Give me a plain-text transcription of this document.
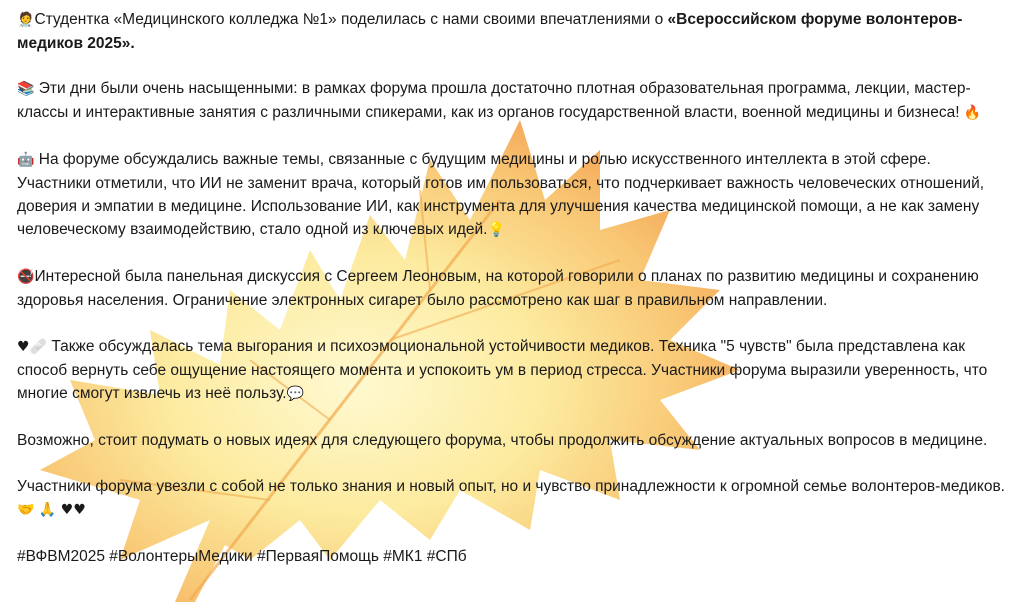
🧑‍⚕️Студентка «Медицинского колледжа №1» поделилась с нами своими впечатлениями о «Всероссийском форуме волонтеров-медиков 2025».

📚 Эти дни были очень насыщенными: в рамках форума прошла достаточно плотная образовательная программа, лекции, мастер-классы и интерактивные занятия с различными спикерами, как из органов государственной власти, военной медицины и бизнеса! 🔥

🤖 На форуме обсуждались важные темы, связанные с будущим медицины и ролью искусственного интеллекта в этой сфере. Участники отметили, что ИИ не заменит врача, который готов им пользоваться, что подчеркивает важность человеческих отношений, доверия и эмпатии в медицине. Использование ИИ, как инструмента для улучшения качества медицинской помощи, а не как замену человеческому взаимодействию, стало одной из ключевых идей.💡

🚭Интересной была панельная дискуссия с Сергеем Леоновым, на которой говорили о планах по развитию медицины и сохранению здоровья населения. Ограничение электронных сигарет было рассмотрено как шаг в правильном направлении.

♥🩹 Также обсуждалась тема выгорания и психоэмоциональной устойчивости медиков. Техника "5 чувств" была представлена как способ вернуть себе ощущение настоящего момента и успокоить ум в период стресса. Участники форума выразили уверенность, что многие смогут извлечь из неё пользу.💬

Возможно, стоит подумать о новых идеях для следующего форума, чтобы продолжить обсуждение актуальных вопросов в медицине.

Участники форума увезли с собой не только знания и новый опыт, но и чувство принадлежности к огромной семье волонтеров-медиков. 🤝 🙏 ♥♥

#ВФВМ2025 #ВолонтерыМедики #ПерваяПомощь #МК1 #СПб
